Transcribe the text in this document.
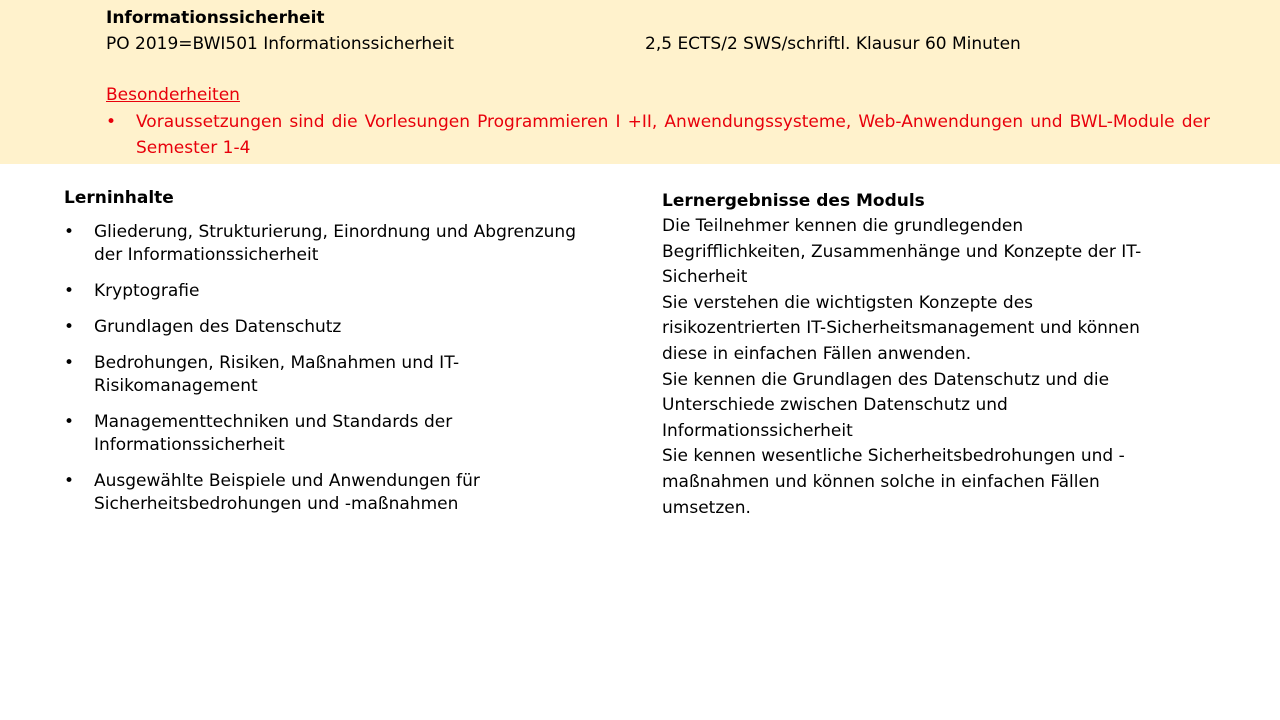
Informationssicherheit
PO 2019=BWI501 Informationssicherheit	2,5 ECTS/2 SWS/schriftl. Klausur 60 Minuten
Besonderheiten
• Voraussetzungen sind die Vorlesungen Programmieren I +II, Anwendungssysteme, Web-Anwendungen und BWL-Module der Semester 1-4
Lerninhalte
• Gliederung, Strukturierung, Einordnung und Abgrenzung der Informationssicherheit
• Kryptografie
• Grundlagen des Datenschutz
• Bedrohungen, Risiken, Maßnahmen und IT-Risikomanagement
• Managementtechniken und Standards der Informationssicherheit
• Ausgewählte Beispiele und Anwendungen für Sicherheitsbedrohungen und -maßnahmen
Lernergebnisse des Moduls

Die Teilnehmer kennen die grundlegenden Begrifflichkeiten, Zusammenhänge und Konzepte der IT-Sicherheit

Sie verstehen die wichtigsten Konzepte des risikozentrierten IT-Sicherheitsmanagement und können diese in einfachen Fällen anwenden.

Sie kennen die Grundlagen des Datenschutz und die Unterschiede zwischen Datenschutz und Informationssicherheit

Sie kennen wesentliche Sicherheitsbedrohungen und -maßnahmen und können solche in einfachen Fällen umsetzen.
